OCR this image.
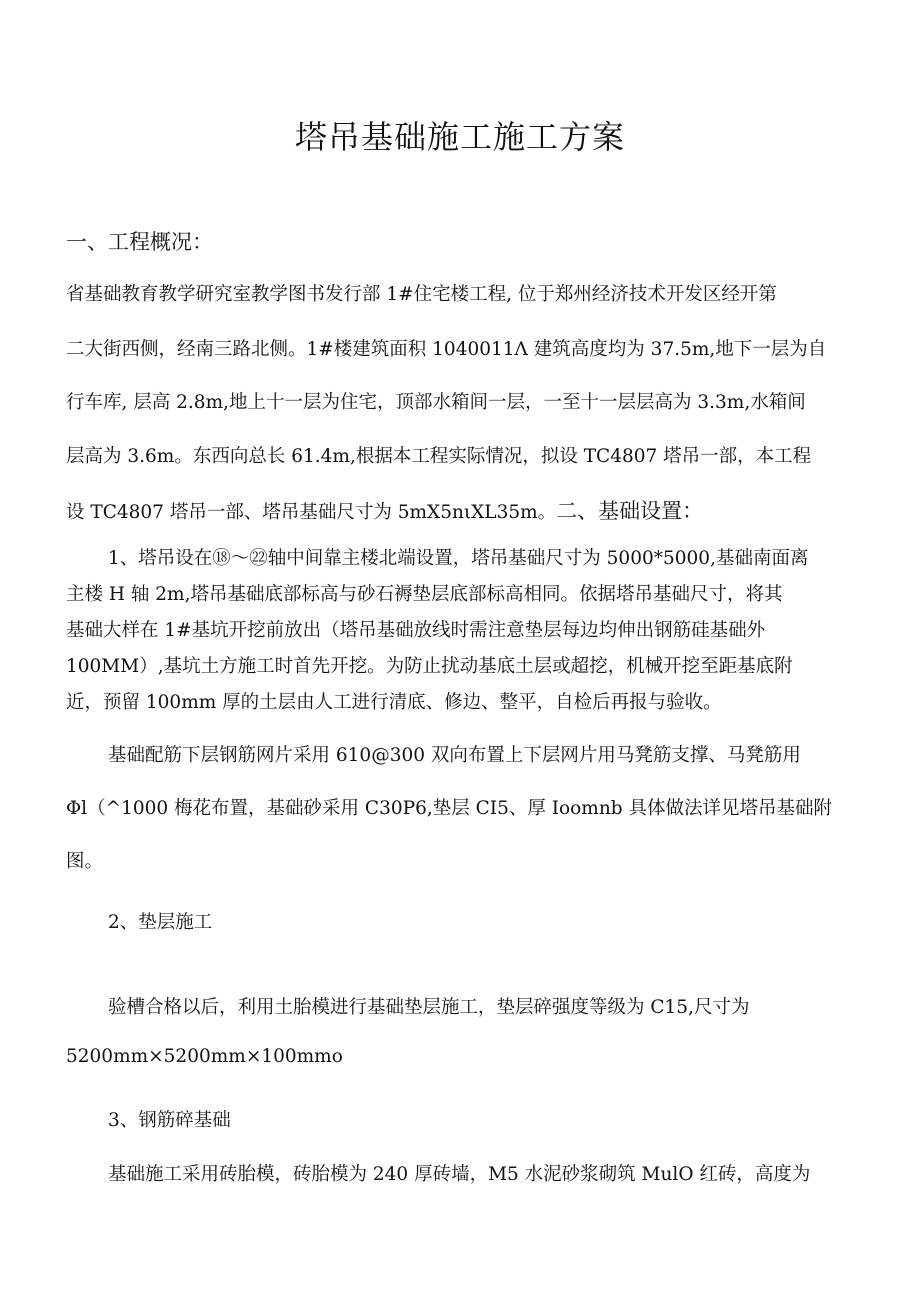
塔吊基础施工施工方案
一、工程概况：
省基础教育教学研究室教学图书发行部 1#住宅楼工程, 位于郑州经济技术开发区经开第
二大街西侧，经南三路北侧。1#楼建筑面积 1040011Λ 建筑高度均为 37.5m,地下一层为自
行车库, 层高 2.8m,地上十一层为住宅，顶部水箱间一层，一至十一层层高为 3.3m,水箱间
层高为 3.6m。东西向总长 61.4m,根据本工程实际情况，拟设 TC4807 塔吊一部，本工程
设 TC4807 塔吊一部、塔吊基础尺寸为 5mX5nιXL35m。二、基础设置：
1、塔吊设在⑱～㉒轴中间靠主楼北端设置，塔吊基础尺寸为 5000*5000,基础南面离
主楼 H 轴 2m,塔吊基础底部标高与砂石褥垫层底部标高相同。依据塔吊基础尺寸，将其
基础大样在 1#基坑开挖前放出（塔吊基础放线时需注意垫层每边均伸出钢筋硅基础外
100MM）,基坑土方施工时首先开挖。为防止扰动基底土层或超挖，机械开挖至距基底附
近，预留 100mm 厚的土层由人工进行清底、修边、整平，自检后再报与验收。
基础配筋下层钢筋网片采用 610@300 双向布置上下层网片用马凳筋支撑、马凳筋用
Φl（^1000 梅花布置，基础砂采用 C30P6,垫层 CI5、厚 Ioomnb 具体做法详见塔吊基础附
图。
2、垫层施工
验槽合格以后，利用土胎模进行基础垫层施工，垫层碎强度等级为 C15,尺寸为
5200mm×5200mm×100mmo
3、钢筋碎基础
基础施工采用砖胎模，砖胎模为 240 厚砖墙，M5 水泥砂浆砌筑 MulO 红砖，高度为
